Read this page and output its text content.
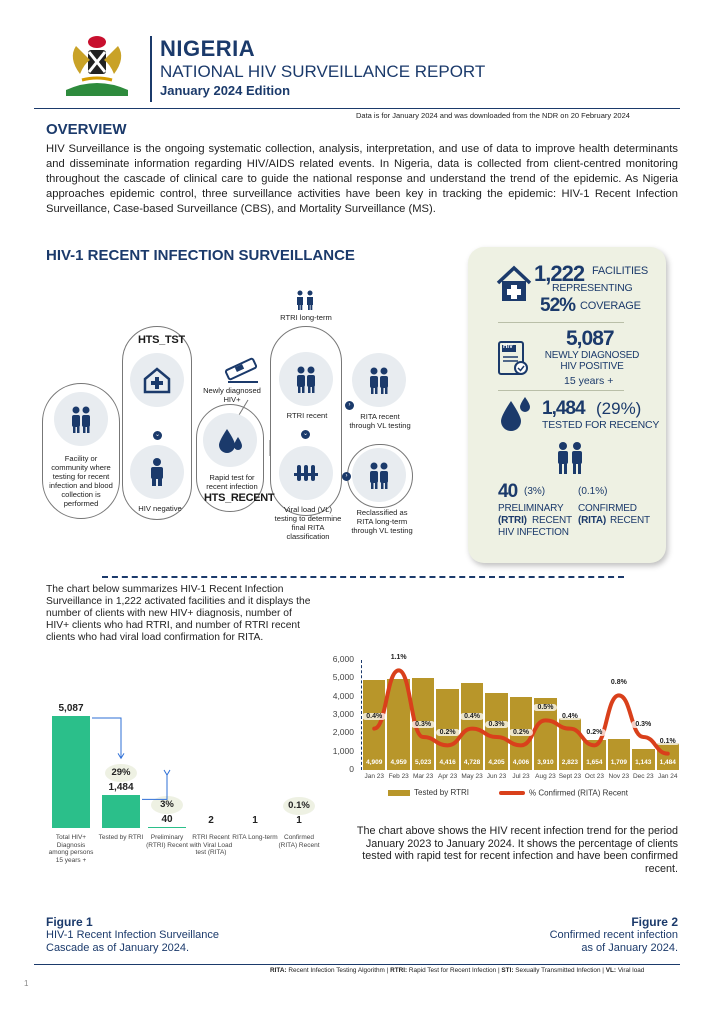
NIGERIA
NATIONAL HIV SURVEILLANCE REPORT
January 2024 Edition
Data is for January 2024 and was downloaded from the NDR on 20 February 2024
OVERVIEW
HIV Surveillance is the ongoing systematic collection, analysis, interpretation, and use of data to improve health determinants and disseminate information regarding HIV/AIDS related events. In Nigeria, data is collected from client-centred monitoring throughout the cascade of clinical care to guide the national response and understand the trend of the epidemic. As Nigeria approaches epidemic control, three surveillance activities have been key in tracking the epidemic: HIV-1 Recent Infection Surveillance, Case-based Surveillance (CBS), and Mortality Surveillance (MS).
HIV-1 RECENT INFECTION SURVEILLANCE
Facility or community where testing for recent infection and blood collection is performed
HTS_TST
⌄
HIV negative
Newly diagnosed HIV+
Rapid test for recent infection
HTS_RECENT
RTRI long-term
RTRI recent
⌄
Viral load (VL) testing to determine final RITA classification
›
›
RITA recent through VL testing
Reclassified as RITA long-term through VL testing
1,222 FACILITIES
REPRESENTING
52% COVERAGE
HIV	5,087
NEWLY DIAGNOSED HIV POSITIVE
15 years +
1,484 (29%)
TESTED FOR RECENCY
40 (3%)
PRELIMINARY
(RTRI) RECENT
HIV INFECTION
(0.1%)
CONFIRMED
(RITA) RECENT
The chart below summarizes HIV-1 Recent Infection Surveillance in 1,222 activated facilities and it displays the number of clients with new HIV+ diagnosis, number of HIV+ clients who had RTRI, and number of RTRI recent clients who had viral load confirmation for RITA.
5,087
Total HIV+ Diagnosis among persons 15 years +
1,484
Tested by RTRI
40
Preliminary (RTRI) Recent
2
RTRI Recent with Viral Load test (RITA)
1
RITA Long-term
1
Confirmed (RITA) Recent
29%
3%	0.1%
6,000
5,000
4,000
3,000
2,000
1,000
0
4,909
Jan 23
4,959
Feb 23
5,023
Mar 23
4,416
Apr 23
4,728
May 23
4,205
Jun 23
4,006
Jul 23
3,910
Aug 23
2,823
Sept 23
1,654
Oct 23
1,709
Nov 23
1,143
Dec 23
1,484
Jan 24
0.4%
1.1%
0.3%
0.2%
0.4%
0.3%
0.2%
0.5%
0.4%
0.2%
0.8%
0.3%
0.1%
Tested by RTRI	% Confirmed (RITA) Recent
The chart above shows the HIV recent infection trend for the period January 2023 to January 2024. It shows the percentage of clients tested with rapid test for recent infection and have been confirmed recent.
Figure 1
HIV-1 Recent Infection Surveillance
Cascade as of January 2024.
Figure 2
Confirmed recent infection
as of January 2024.
RITA: Recent Infection Testing Algorithm | RTRI: Rapid Test for Recent Infection | STI: Sexually Transmitted Infection | VL: Viral load
1
